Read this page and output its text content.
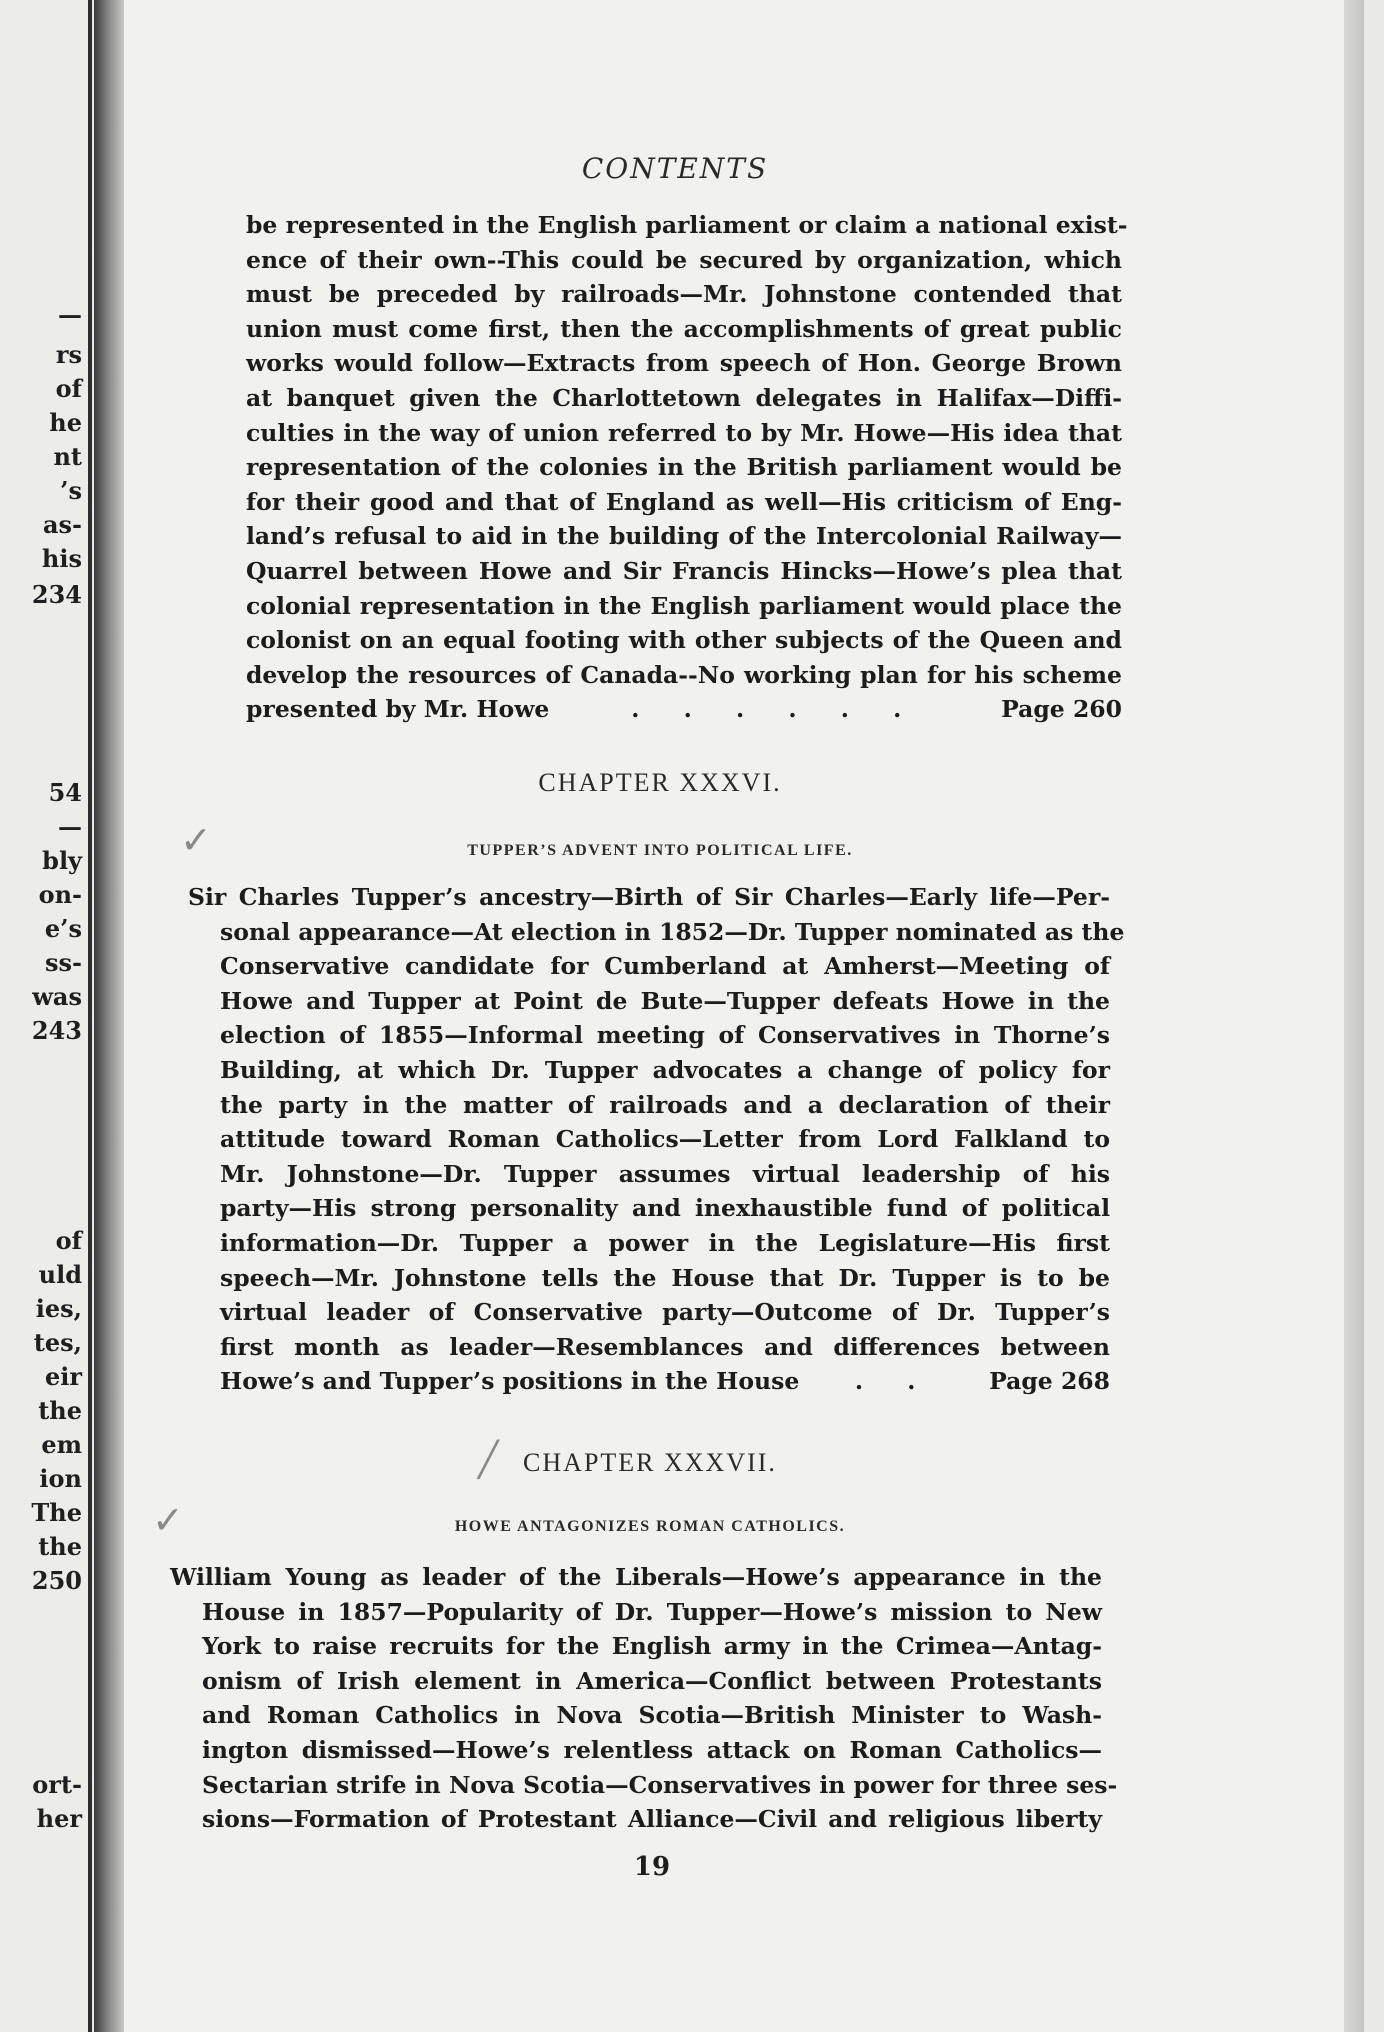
—
rs
of
he
nt
’s
as-
his
234
54
—
bly
on-
e’s
ss-
was
243
of
uld
ies,
tes,
eir
the
em
ion
The
the
250
ort-
her
CONTENTS
be represented in the English parliament or claim a national exist-
ence of their own--This could be secured by organization, which
must be preceded by railroads—Mr. Johnstone contended that
union must come first, then the accomplishments of great public
works would follow—Extracts from speech of Hon. George Brown
at banquet given the Charlottetown delegates in Halifax—Diffi-
culties in the way of union referred to by Mr. Howe—His idea that
representation of the colonies in the British parliament would be
for their good and that of England as well—His criticism of Eng-
land’s refusal to aid in the building of the Intercolonial Railway—
Quarrel between Howe and Sir Francis Hincks—Howe’s plea that
colonial representation in the English parliament would place the
colonist on an equal footing with other subjects of the Queen and
develop the resources of Canada--No working plan for his scheme
presented by Mr. Howe	. . . . . .	Page 260
CHAPTER XXXVI.
✓	TUPPER’S ADVENT INTO POLITICAL LIFE.
Sir Charles Tupper’s ancestry—Birth of Sir Charles—Early life—Per-
sonal appearance—At election in 1852—Dr. Tupper nominated as the
Conservative candidate for Cumberland at Amherst—Meeting of
Howe and Tupper at Point de Bute—Tupper defeats Howe in the
election of 1855—Informal meeting of Conservatives in Thorne’s
Building, at which Dr. Tupper advocates a change of policy for
the party in the matter of railroads and a declaration of their
attitude toward Roman Catholics—Letter from Lord Falkland to
Mr. Johnstone—Dr. Tupper assumes virtual leadership of his
party—His strong personality and inexhaustible fund of political
information—Dr. Tupper a power in the Legislature—His first
speech—Mr. Johnstone tells the House that Dr. Tupper is to be
virtual leader of Conservative party—Outcome of Dr. Tupper’s
first month as leader—Resemblances and differences between
Howe’s and Tupper’s positions in the House . . Page 268
╱ CHAPTER XXXVII.
✓	HOWE ANTAGONIZES ROMAN CATHOLICS.
William Young as leader of the Liberals—Howe’s appearance in the
House in 1857—Popularity of Dr. Tupper—Howe’s mission to New
York to raise recruits for the English army in the Crimea—Antag-
onism of Irish element in America—Conflict between Protestants
and Roman Catholics in Nova Scotia—British Minister to Wash-
ington dismissed—Howe’s relentless attack on Roman Catholics—
Sectarian strife in Nova Scotia—Conservatives in power for three ses-
sions—Formation of Protestant Alliance—Civil and religious liberty
19
